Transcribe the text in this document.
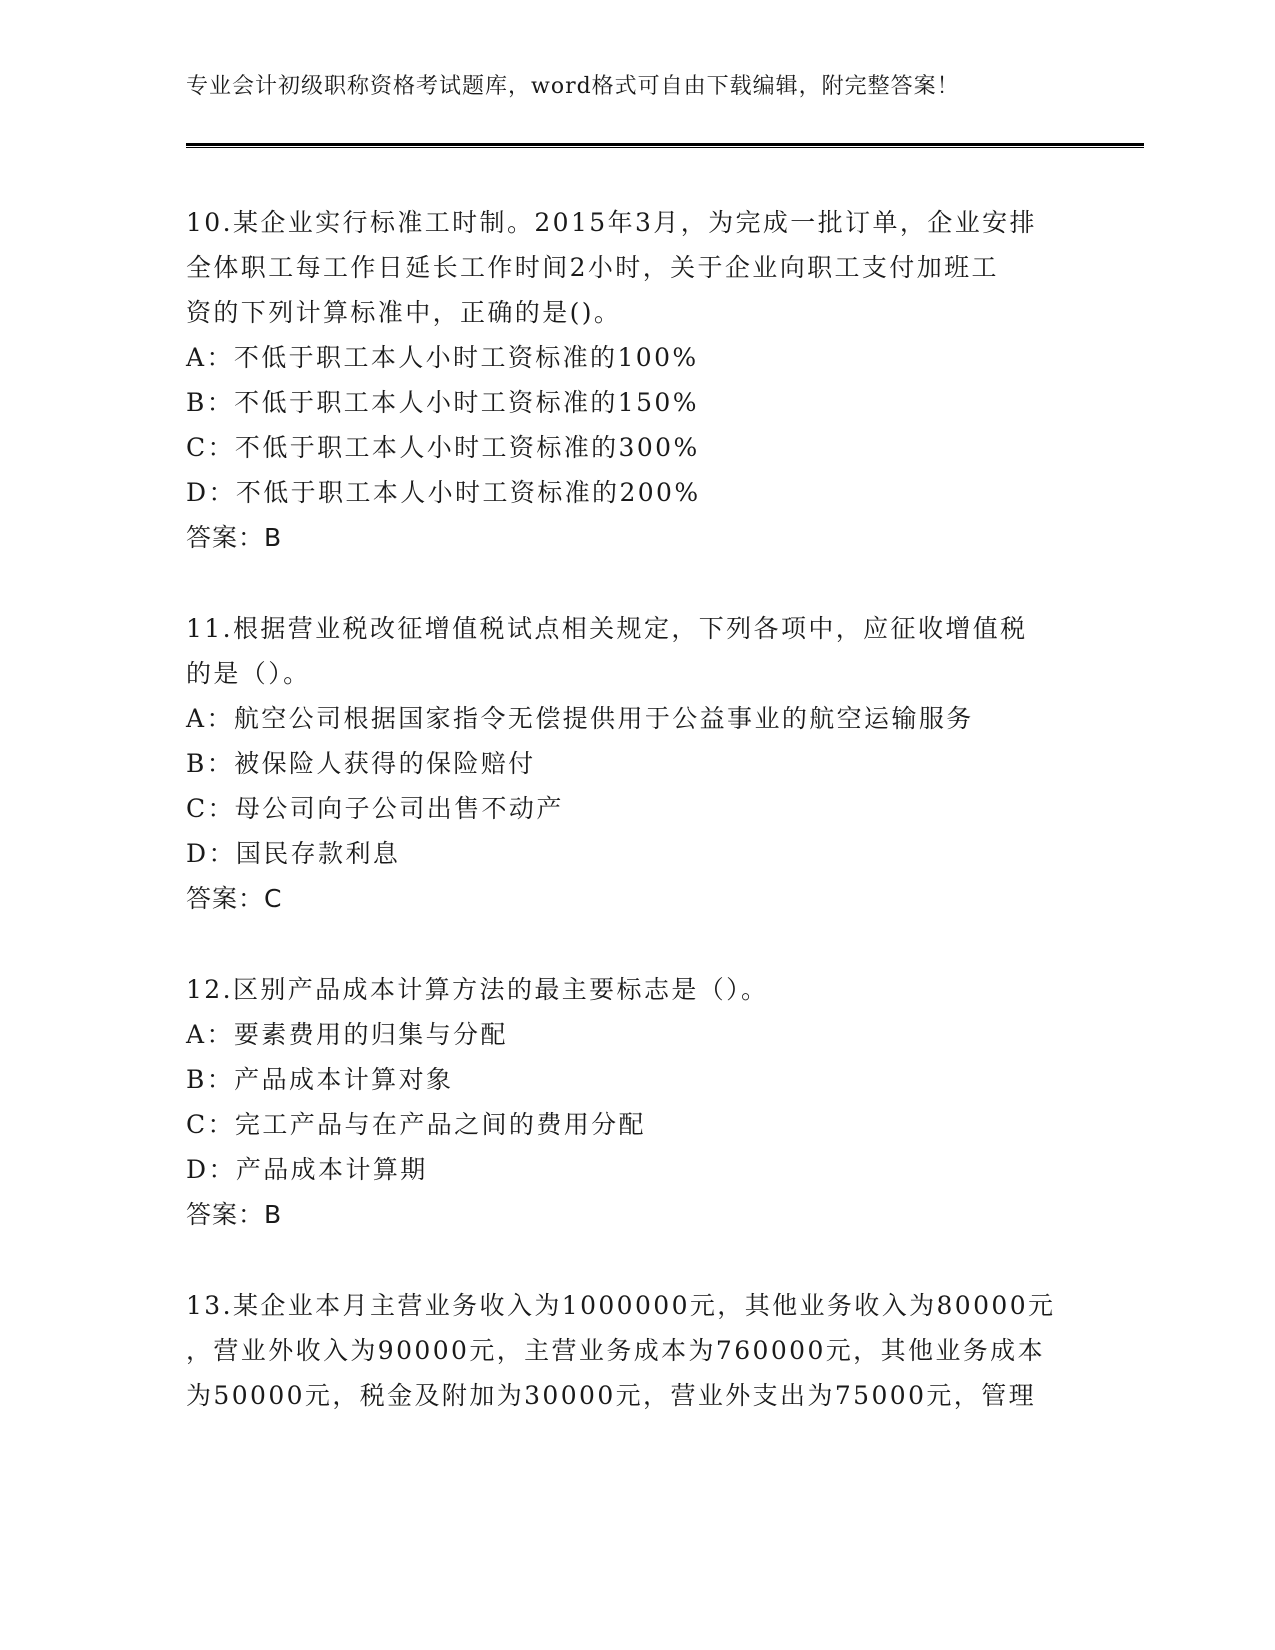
专业会计初级职称资格考试题库，word格式可自由下载编辑，附完整答案！
10.某企业实行标准工时制。2015年3月，为完成一批订单，企业安排
全体职工每工作日延长工作时间2小时，关于企业向职工支付加班工
资的下列计算标准中，正确的是()。
A：不低于职工本人小时工资标准的100%
B：不低于职工本人小时工资标准的150%
C：不低于职工本人小时工资标准的300%
D：不低于职工本人小时工资标准的200%
答案：B
11.根据营业税改征增值税试点相关规定，下列各项中，应征收增值税
的是（）。
A：航空公司根据国家指令无偿提供用于公益事业的航空运输服务
B：被保险人获得的保险赔付
C：母公司向子公司出售不动产
D：国民存款利息
答案：C
12.区别产品成本计算方法的最主要标志是（）。
A：要素费用的归集与分配
B：产品成本计算对象
C：完工产品与在产品之间的费用分配
D：产品成本计算期
答案：B
13.某企业本月主营业务收入为1000000元，其他业务收入为80000元
，营业外收入为90000元，主营业务成本为760000元，其他业务成本
为50000元，税金及附加为30000元，营业外支出为75000元，管理
